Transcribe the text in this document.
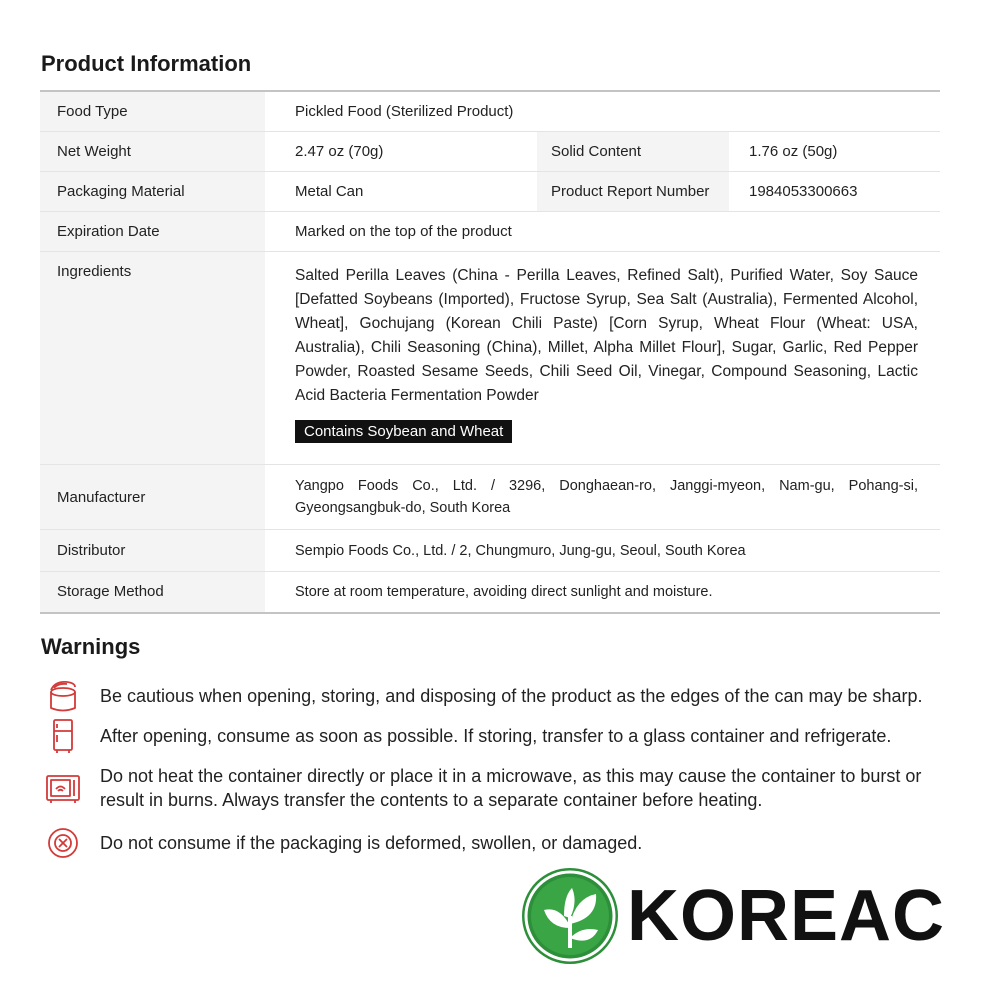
Product Information
Food Type	Pickled Food (Sterilized Product)		
Net Weight	2.47 oz (70g)	Solid Content	1.76 oz (50g)
Packaging Material	Metal Can	Product Report Number	1984053300663
Expiration Date	Marked on the top of the product		
Ingredients	Salted Perilla Leaves (China - Perilla Leaves, Refined Salt), Purified Water, Soy Sauce [Defatted Soybeans (Imported), Fructose Syrup, Sea Salt (Australia), Fermented Alcohol, Wheat], Gochujang (Korean Chili Paste) [Corn Syrup, Wheat Flour (Wheat: USA, Australia), Chili Seasoning (China), Millet, Alpha Millet Flour], Sugar, Garlic, Red Pepper Powder, Roasted Sesame Seeds, Chili Seed Oil, Vinegar, Compound Seasoning, Lactic Acid Bacteria Fermentation Powder
Contains Soybean and Wheat		
Manufacturer	Yangpo Foods Co., Ltd. / 3296, Donghaean-ro, Janggi-myeon, Nam-gu, Pohang-si, Gyeongsangbuk-do, South Korea		
Distributor	Sempio Foods Co., Ltd. / 2, Chungmuro, Jung-gu, Seoul, South Korea		
Storage Method	Store at room temperature, avoiding direct sunlight and moisture.		
Warnings
Be cautious when opening, storing, and disposing of the product as the edges of the can may be sharp.
After opening, consume as soon as possible. If storing, transfer to a glass container and refrigerate.
Do not heat the container directly or place it in a microwave, as this may cause the container to burst or result in burns. Always transfer the contents to a separate container before heating.
Do not consume if the packaging is deformed, swollen, or damaged.
KOREAC
